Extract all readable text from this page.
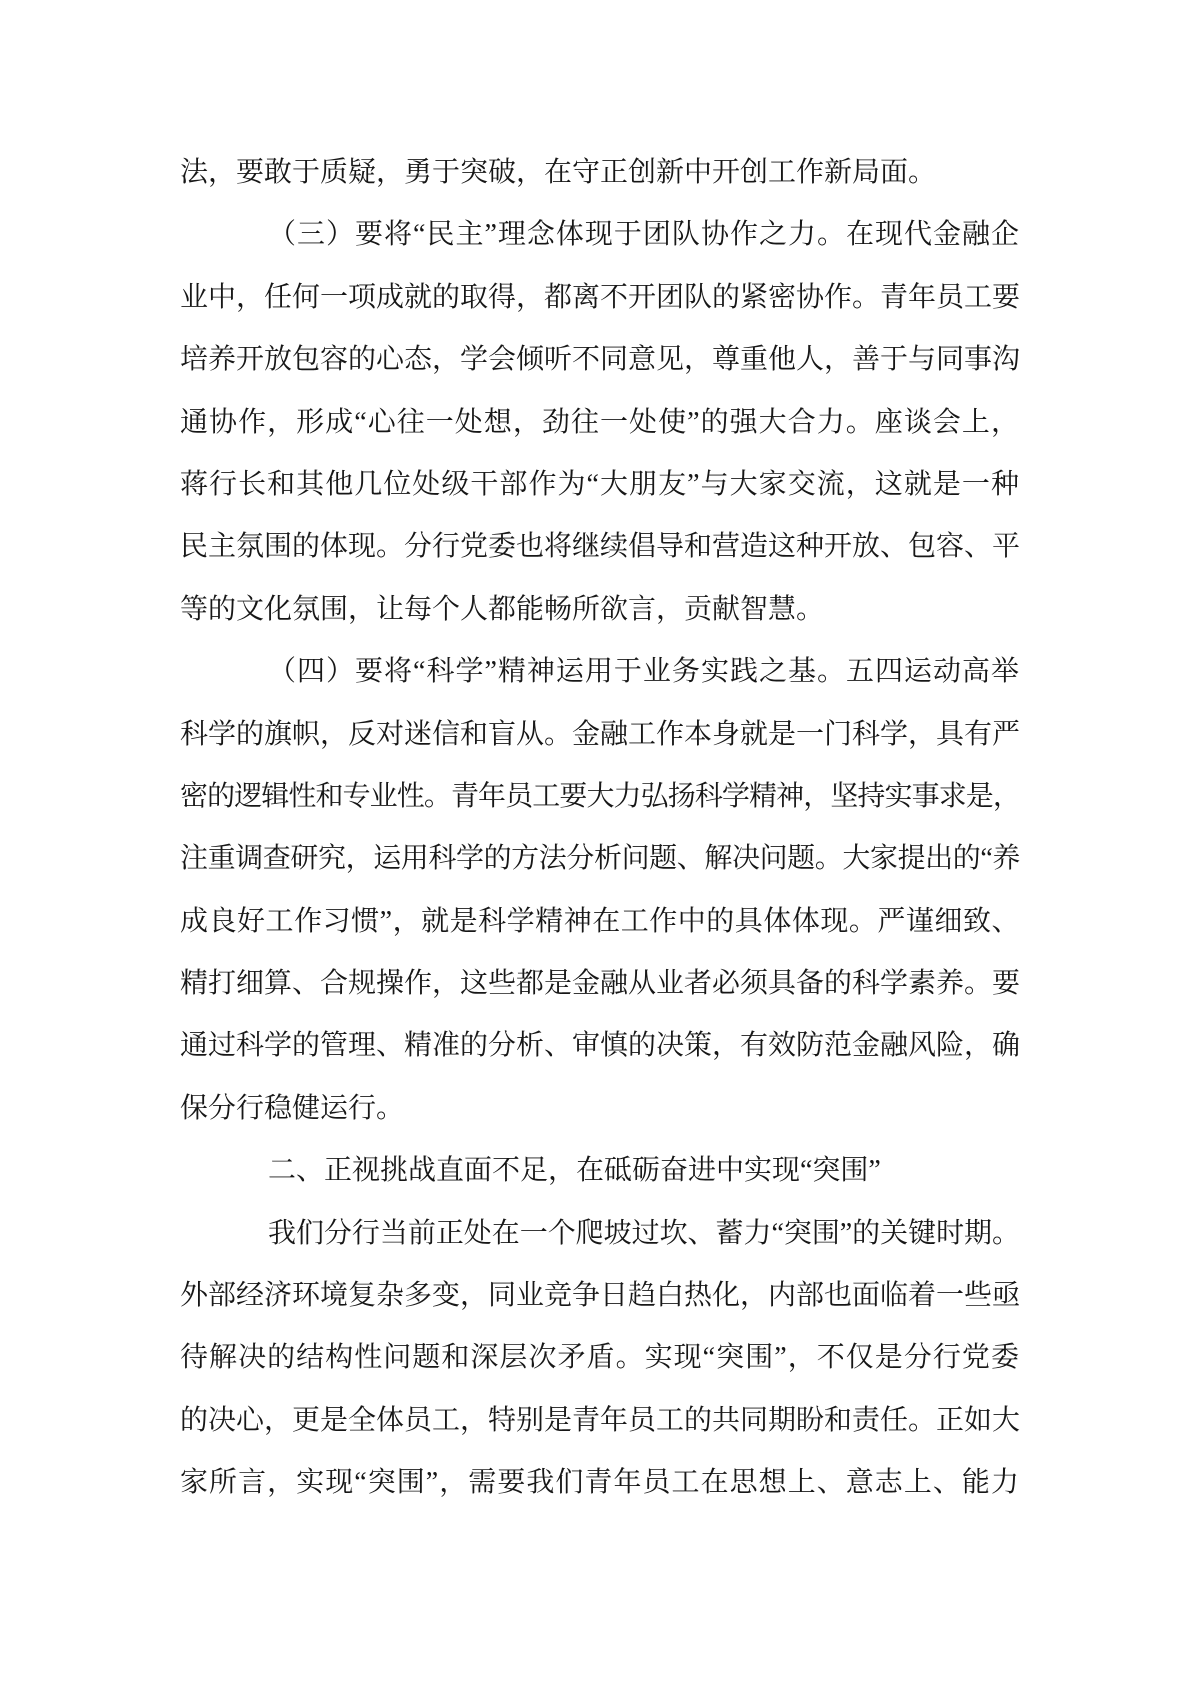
法，要敢于质疑，勇于突破，在守正创新中开创工作新局面。
（三）要将“民主”理念体现于团队协作之力。在现代金融企
业中，任何一项成就的取得，都离不开团队的紧密协作。青年员工要
培养开放包容的心态，学会倾听不同意见，尊重他人，善于与同事沟
通协作，形成“心往一处想，劲往一处使”的强大合力。座谈会上，
蒋行长和其他几位处级干部作为“大朋友”与大家交流，这就是一种
民主氛围的体现。分行党委也将继续倡导和营造这种开放、包容、平
等的文化氛围，让每个人都能畅所欲言，贡献智慧。
（四）要将“科学”精神运用于业务实践之基。五四运动高举
科学的旗帜，反对迷信和盲从。金融工作本身就是一门科学，具有严
密的逻辑性和专业性。青年员工要大力弘扬科学精神，坚持实事求是，
注重调查研究，运用科学的方法分析问题、解决问题。大家提出的“养
成良好工作习惯”，就是科学精神在工作中的具体体现。严谨细致、
精打细算、合规操作，这些都是金融从业者必须具备的科学素养。要
通过科学的管理、精准的分析、审慎的决策，有效防范金融风险，确
保分行稳健运行。
二、正视挑战直面不足，在砥砺奋进中实现“突围”
我们分行当前正处在一个爬坡过坎、蓄力“突围”的关键时期。
外部经济环境复杂多变，同业竞争日趋白热化，内部也面临着一些亟
待解决的结构性问题和深层次矛盾。实现“突围”，不仅是分行党委
的决心，更是全体员工，特别是青年员工的共同期盼和责任。正如大
家所言，实现“突围”，需要我们青年员工在思想上、意志上、能力
